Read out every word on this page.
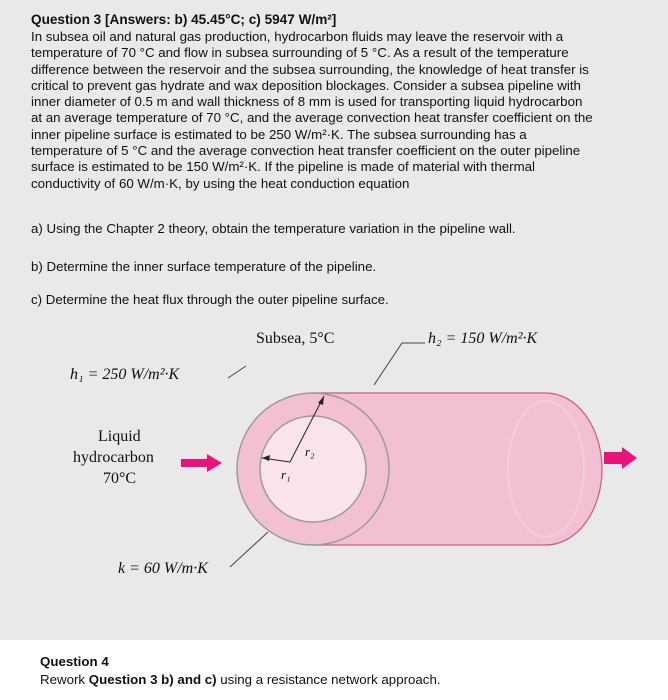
Question 3 [Answers: b) 45.45°C; c) 5947 W/m²]
In subsea oil and natural gas production, hydrocarbon fluids may leave the reservoir with a
temperature of 70 °C and flow in subsea surrounding of 5 °C. As a result of the temperature
difference between the reservoir and the subsea surrounding, the knowledge of heat transfer is
critical to prevent gas hydrate and wax deposition blockages. Consider a subsea pipeline with
inner diameter of 0.5 m and wall thickness of 8 mm is used for transporting liquid hydrocarbon
at an average temperature of 70 °C, and the average convection heat transfer coefficient on the
inner pipeline surface is estimated to be 250 W/m²·K. The subsea surrounding has a
temperature of 5 °C and the average convection heat transfer coefficient on the outer pipeline
surface is estimated to be 150 W/m²·K. If the pipeline is made of material with thermal
conductivity of 60 W/m·K, by using the heat conduction equation
a) Using the Chapter 2 theory, obtain the temperature variation in the pipeline wall.
b) Determine the inner surface temperature of the pipeline.
c) Determine the heat flux through the outer pipeline surface.
Subsea, 5°C	h₂ = 150 W/m²·K
h₁ = 250 W/m²·K
Liquid
hydrocarbon
70°C
r₂
r₁
k = 60 W/m·K
Question 4
Rework Question 3 b) and c) using a resistance network approach.
